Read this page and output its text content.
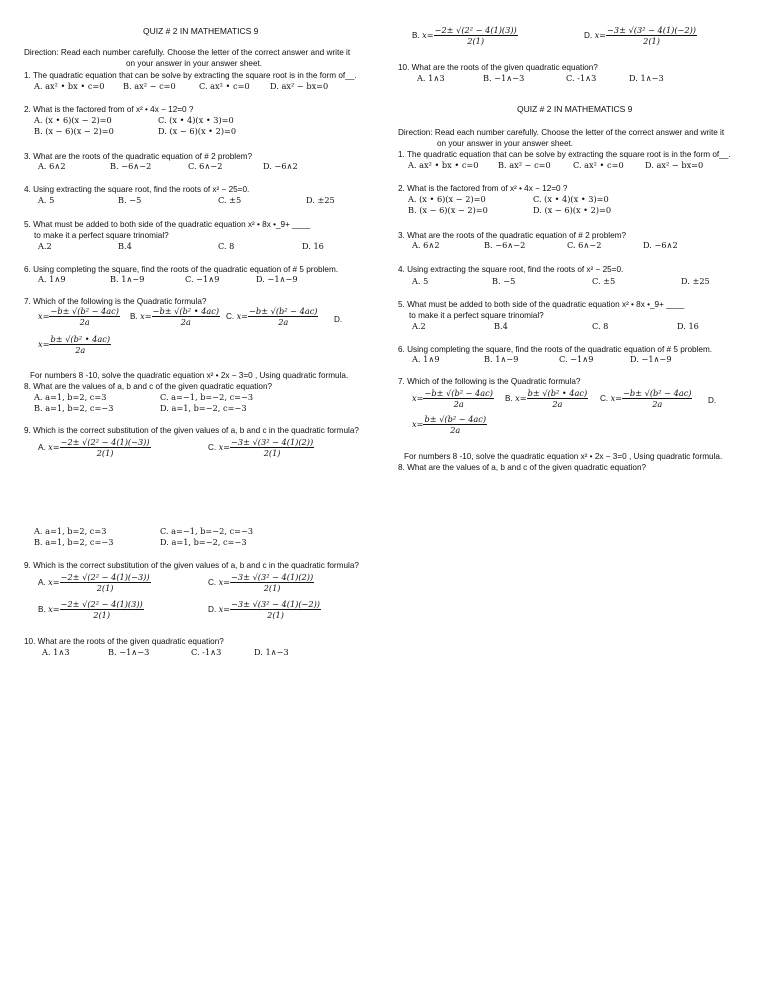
QUIZ # 2 IN MATHEMATICS 9
Direction: Read each number carefully. Choose the letter of the correct answer and write it
on your answer in your answer sheet.
1. The quadratic equation that can be solve by extracting the square root is in the form of__.
A. ax² • bx • c=0 B. ax² − c=0	C. ax² • c=0 D. ax² − bx=0
2. What is the factored from of x² • 4x − 12=0 ?
A. (x • 6)(x − 2)=0
B. (x − 6)(x − 2)=0
C. (x • 4)(x • 3)=0
D. (x − 6)(x • 2)=0
3. What are the roots of the quadratic equation of # 2 problem?
A. 6∧2	B. −6∧−2	C. 6∧−2	D. −6∧2
4. Using extracting the square root, find the roots of x² − 25=0.
A. 5	B. −5	C. ±5	D. ±25
5. What must be added to both side of the quadratic equation x² • 8x •_9+ ____
to make it a perfect square trinomial?
A.2	B.4	C. 8	D. 16
6. Using completing the square, find the roots of the quadratic equation of # 5 problem.
A. 1∧9	B. 1∧−9	C. −1∧9	D. −1∧−9
7. Which of the following is the Quadratic formula?
$x= \frac{\text{−b± √(b² − 4ac)}}{2a} B$. $x= \frac{\text{−b± √(b² • 4ac)}}{2a} C$. $x= \frac{\text{−b± √(b² − 4ac)}}{2a} D$.
$x= \frac{\text{b± √(b² • 4ac)}}{2a}$
For numbers 8 -10, solve the quadratic equation x² • 2x − 3=0 , Using quadratic formula.
8. What are the values of a, b and c of the given quadratic equation?
A. a=1, b=2, c=3
B. a=1, b=2, c=−3
C. a=−1, b=−2, c=−3
D. a=1, b=−2, c=−3
9. Which is the correct substitution of the given values of a, b and c in the quadratic formula?
A. $x= \frac{\text{−2± √(2² − 4(1)(−3))}}{2(1)}$	C. $x= \frac{\text{−3± √(3² − 4(1)(2))}}{2(1)}$
A. a=1, b=2, c=3
B. a=1, b=2, c=−3
C. a=−1, b=−2, c=−3
D. a=1, b=−2, c=−3
9. Which is the correct substitution of the given values of a, b and c in the quadratic formula?
A. $x= \frac{\text{−2± √(2² − 4(1)(−3))}}{2(1)}$	C. $x= \frac{\text{−3± √(3² − 4(1)(2))}}{2(1)}$
B. $x= \frac{\text{−2± √(2² − 4(1)(3))}}{2(1)}$	D. $x= \frac{\text{−3± √(3² − 4(1)(−2))}}{2(1)}$
10. What are the roots of the given quadratic equation?
A. 1∧3	B. −1∧−3	C. -1∧3	D. 1∧−3
B. $x= \frac{\text{−2± √(2² − 4(1)(3))}}{2(1)}$	D. $x= \frac{\text{−3± √(3² − 4(1)(−2))}}{2(1)}$
10. What are the roots of the given quadratic equation?
A. 1∧3	B. −1∧−3	C. -1∧3	D. 1∧−3
QUIZ # 2 IN MATHEMATICS 9
Direction: Read each number carefully. Choose the letter of the correct answer and write it
on your answer in your answer sheet.
1. The quadratic equation that can be solve by extracting the square root is in the form of__.
A. ax² • bx • c=0 B. ax² − c=0	C. ax² • c=0	D. ax² − bx=0
2. What is the factored from of x² • 4x − 12=0 ?
A. (x • 6)(x − 2)=0
B. (x − 6)(x − 2)=0
C. (x • 4)(x • 3)=0
D. (x − 6)(x • 2)=0
3. What are the roots of the quadratic equation of # 2 problem?
A. 6∧2	B. −6∧−2	C. 6∧−2	D. −6∧2
4. Using extracting the square root, find the roots of x² − 25=0.
A. 5	B. −5	C. ±5	D. ±25
5. What must be added to both side of the quadratic equation x² • 8x •_9+ ____
to make it a perfect square trinomial?
A.2	B.4	C. 8	D. 16
6. Using completing the square, find the roots of the quadratic equation of # 5 problem.
A. 1∧9	B. 1∧−9	C. −1∧9	D. −1∧−9
7. Which of the following is the Quadratic formula?
$x= \frac{\text{−b± √(b² − 4ac)}}{2a} B$. $x= \frac{\text{b± √(b² • 4ac)}}{2a} C$. $x= \frac{\text{−b± √(b² − 4ac)}}{2a} D$.
$x= \frac{\text{b± √(b² − 4ac)}}{2a}$
For numbers 8 -10, solve the quadratic equation x² • 2x − 3=0 , Using quadratic formula.
8. What are the values of a, b and c of the given quadratic equation?
